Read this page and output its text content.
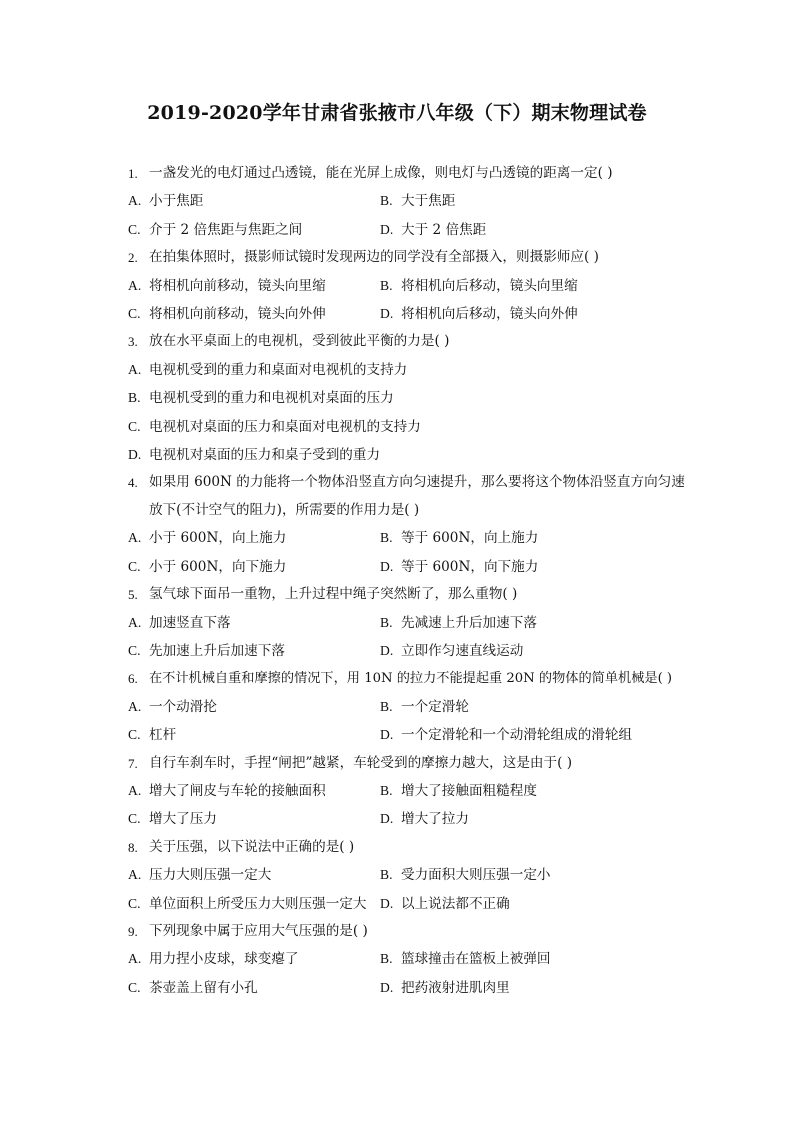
2019-2020学年甘肃省张掖市八年级（下）期末物理试卷
1. 一盏发光的电灯通过凸透镜，能在光屏上成像，则电灯与凸透镜的距离一定( )
A. 小于焦距	B. 大于焦距
C. 介于 2 倍焦距与焦距之间	D. 大于 2 倍焦距
2. 在拍集体照时，摄影师试镜时发现两边的同学没有全部摄入，则摄影师应( )
A. 将相机向前移动，镜头向里缩	B. 将相机向后移动，镜头向里缩
C. 将相机向前移动，镜头向外伸	D. 将相机向后移动，镜头向外伸
3. 放在水平桌面上的电视机，受到彼此平衡的力是( )
A. 电视机受到的重力和桌面对电视机的支持力
B. 电视机受到的重力和电视机对桌面的压力
C. 电视机对桌面的压力和桌面对电视机的支持力
D. 电视机对桌面的压力和桌子受到的重力
4. 如果用 600N 的力能将一个物体沿竖直方向匀速提升，那么要将这个物体沿竖直方向匀速放下(不计空气的阻力)，所需要的作用力是( )
A. 小于 600N，向上施力	B. 等于 600N，向上施力
C. 小于 600N，向下施力	D. 等于 600N，向下施力
5. 氢气球下面吊一重物，上升过程中绳子突然断了，那么重物( )
A. 加速竖直下落	B. 先减速上升后加速下落
C. 先加速上升后加速下落	D. 立即作匀速直线运动
6. 在不计机械自重和摩擦的情况下，用 10N 的拉力不能提起重 20N 的物体的简单机械是( )
A. 一个动滑抡	B. 一个定滑轮
C. 杠杆	D. 一个定滑轮和一个动滑轮组成的滑轮组
7. 自行车刹车时，手捏“闸把”越紧，车轮受到的摩擦力越大，这是由于( )
A. 增大了闸皮与车轮的接触面积	B. 增大了接触面粗糙程度
C. 增大了压力	D. 增大了拉力
8. 关于压强，以下说法中正确的是( )
A. 压力大则压强一定大	B. 受力面积大则压强一定小
C. 单位面积上所受压力大则压强一定大 D. 以上说法都不正确
9. 下列现象中属于应用大气压强的是( )
A. 用力捏小皮球，球变瘪了	B. 篮球撞击在篮板上被弹回
C. 茶壶盖上留有小孔	D. 把药液射进肌肉里
